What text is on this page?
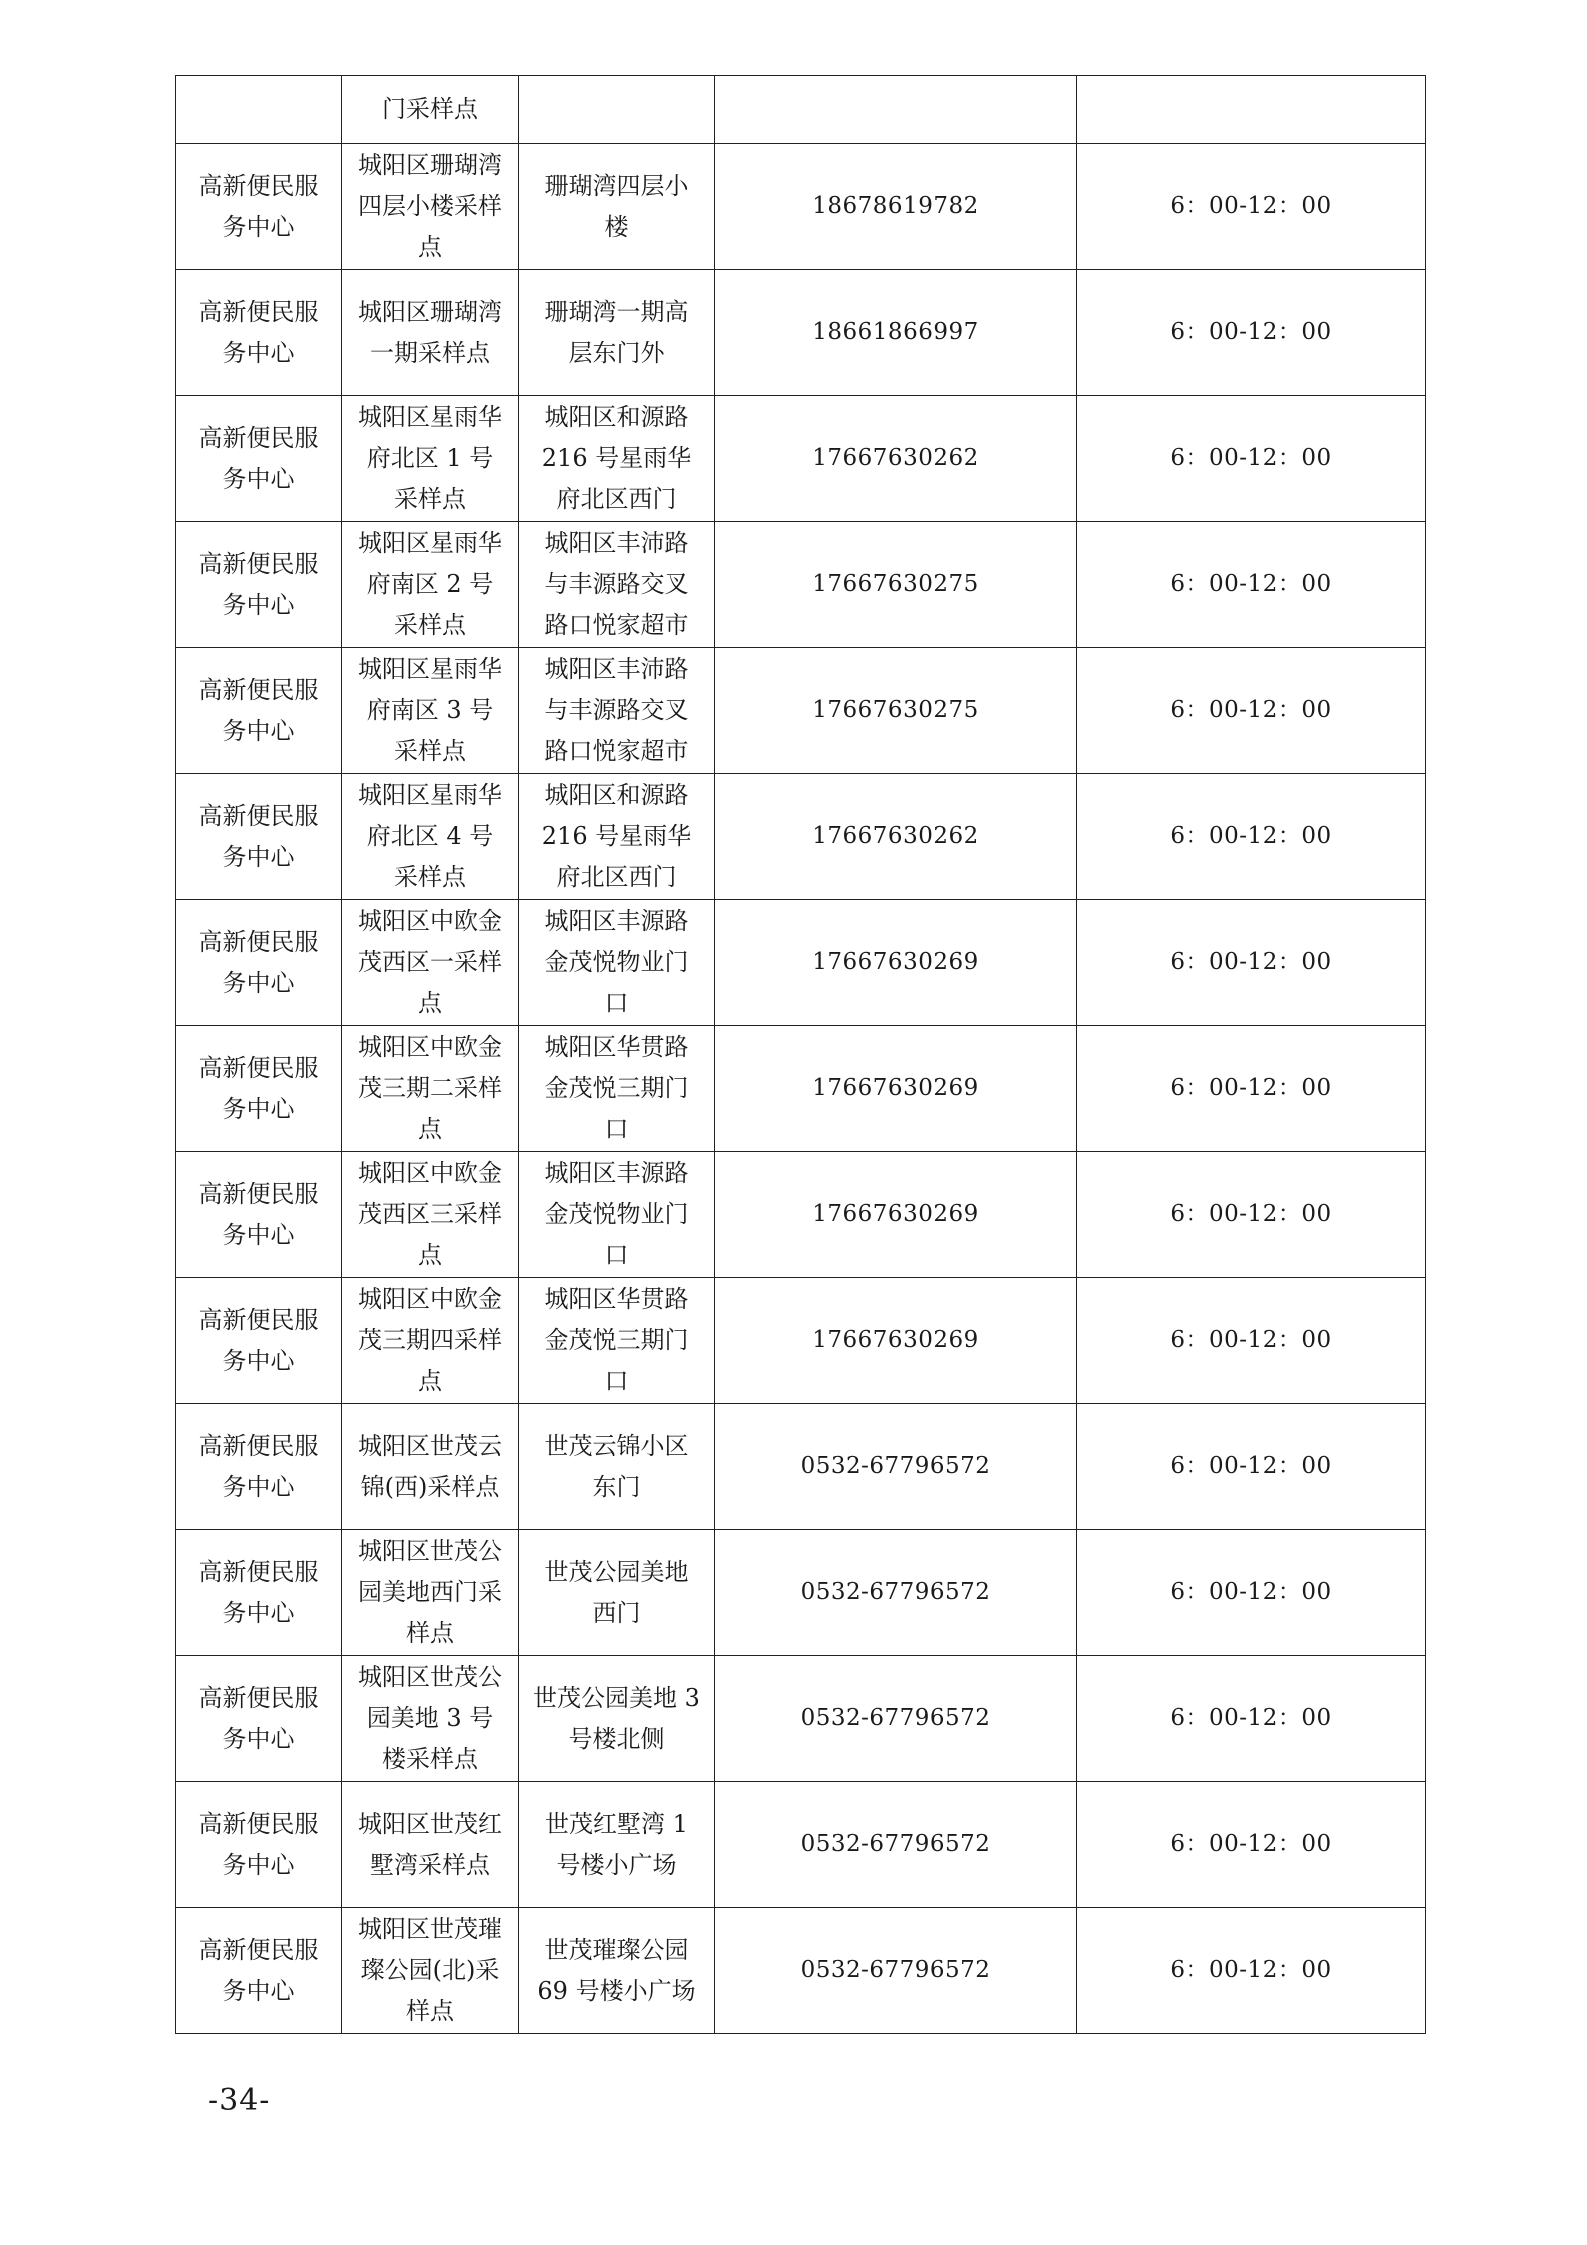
	门采样点			
高新便民服务中心	城阳区珊瑚湾四层小楼采样点	珊瑚湾四层小楼	18678619782	6：00-12：00
高新便民服务中心	城阳区珊瑚湾一期采样点	珊瑚湾一期高层东门外	18661866997	6：00-12：00
高新便民服务中心	城阳区星雨华府北区 1 号采样点	城阳区和源路 216 号星雨华府北区西门	17667630262	6：00-12：00
高新便民服务中心	城阳区星雨华府南区 2 号采样点	城阳区丰沛路与丰源路交叉路口悦家超市	17667630275	6：00-12：00
高新便民服务中心	城阳区星雨华府南区 3 号采样点	城阳区丰沛路与丰源路交叉路口悦家超市	17667630275	6：00-12：00
高新便民服务中心	城阳区星雨华府北区 4 号采样点	城阳区和源路 216 号星雨华府北区西门	17667630262	6：00-12：00
高新便民服务中心	城阳区中欧金茂西区一采样点	城阳区丰源路金茂悦物业门口	17667630269	6：00-12：00
高新便民服务中心	城阳区中欧金茂三期二采样点	城阳区华贯路金茂悦三期门口	17667630269	6：00-12：00
高新便民服务中心	城阳区中欧金茂西区三采样点	城阳区丰源路金茂悦物业门口	17667630269	6：00-12：00
高新便民服务中心	城阳区中欧金茂三期四采样点	城阳区华贯路金茂悦三期门口	17667630269	6：00-12：00
高新便民服务中心	城阳区世茂云锦(西)采样点	世茂云锦小区东门	0532-67796572	6：00-12：00
高新便民服务中心	城阳区世茂公园美地西门采样点	世茂公园美地西门	0532-67796572	6：00-12：00
高新便民服务中心	城阳区世茂公园美地 3 号楼采样点	世茂公园美地 3 号楼北侧	0532-67796572	6：00-12：00
高新便民服务中心	城阳区世茂红墅湾采样点	世茂红墅湾 1 号楼小广场	0532-67796572	6：00-12：00
高新便民服务中心	城阳区世茂璀璨公园(北)采样点	世茂璀璨公园 69 号楼小广场	0532-67796572	6：00-12：00
-34-
